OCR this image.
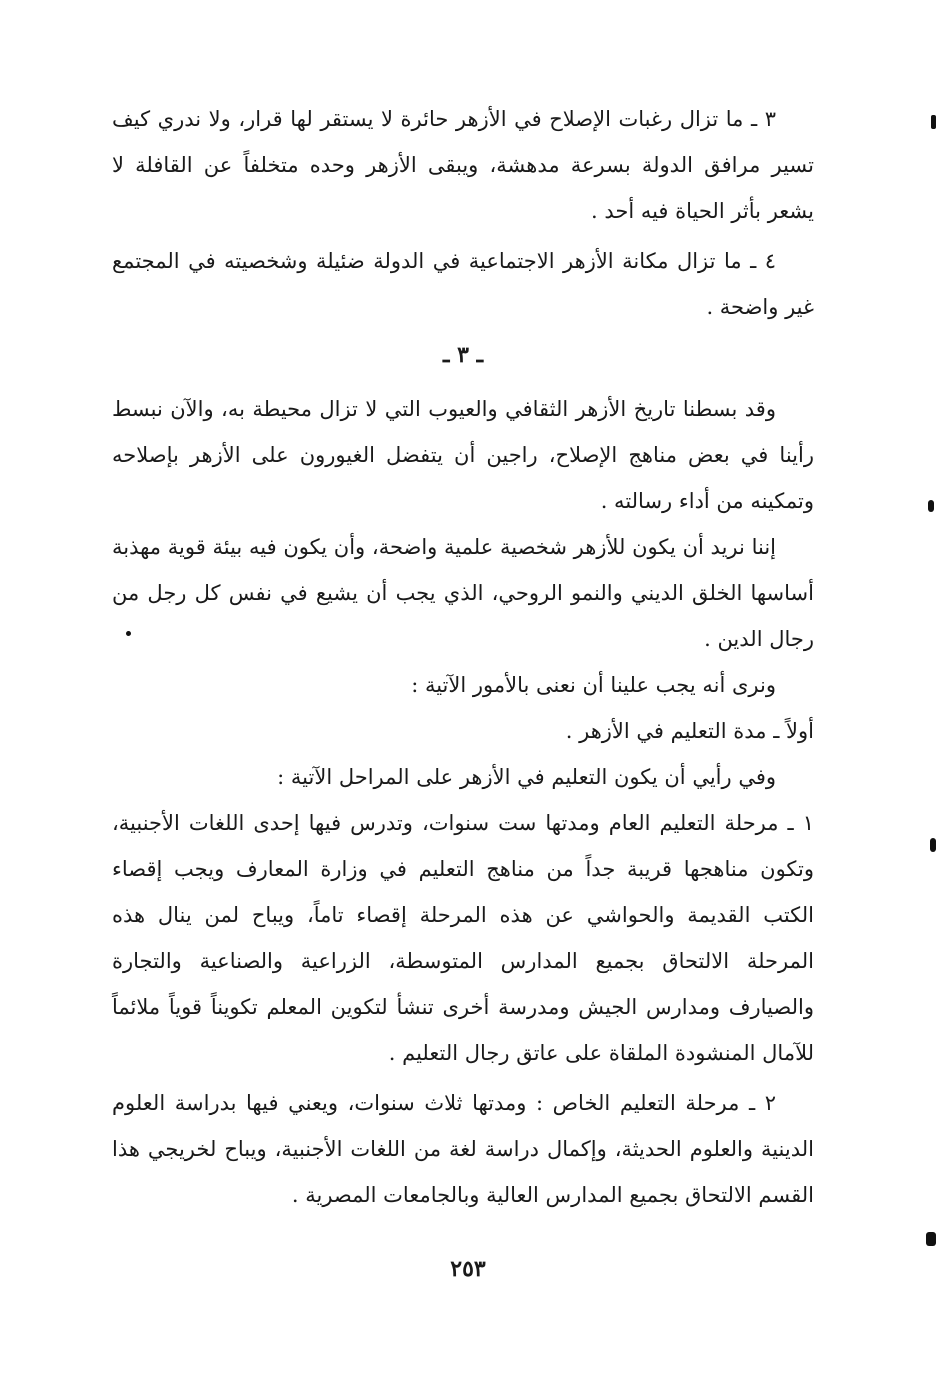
٣ ـ ما تزال رغبات الإصلاح في الأزهر حائرة لا يستقر لها قرار، ولا ندري كيف تسير مرافق الدولة بسرعة مدهشة، ويبقى الأزهر وحده متخلفاً عن القافلة لا يشعر بأثر الحياة فيه أحد .

٤ ـ ما تزال مكانة الأزهر الاجتماعية في الدولة ضئيلة وشخصيته في المجتمع غير واضحة .

ـ ٣ ـ

وقد بسطنا تاريخ الأزهر الثقافي والعيوب التي لا تزال محيطة به، والآن نبسط رأينا في بعض مناهج الإصلاح، راجين أن يتفضل الغيورون على الأزهر بإصلاحه وتمكينه من أداء رسالته .

إننا نريد أن يكون للأزهر شخصية علمية واضحة، وأن يكون فيه بيئة قوية مهذبة أساسها الخلق الديني والنمو الروحي، الذي يجب أن يشيع في نفس كل رجل من رجال الدين .

ونرى أنه يجب علينا أن نعنى بالأمور الآتية :

أولاً ـ مدة التعليم في الأزهر .

وفي رأيي أن يكون التعليم في الأزهر على المراحل الآتية :

١ ـ مرحلة التعليم العام ومدتها ست سنوات، وتدرس فيها إحدى اللغات الأجنبية، وتكون مناهجها قريبة جداً من مناهج التعليم في وزارة المعارف ويجب إقصاء الكتب القديمة والحواشي عن هذه المرحلة إقصاء تاماً، ويباح لمن ينال هذه المرحلة الالتحاق بجميع المدارس المتوسطة، الزراعية والصناعية والتجارة والصيارف ومدارس الجيش ومدرسة أخرى تنشأ لتكوين المعلم تكويناً قوياً ملائماً للآمال المنشودة الملقاة على عاتق رجال التعليم .

٢ ـ مرحلة التعليم الخاص : ومدتها ثلاث سنوات، ويعني فيها بدراسة العلوم الدينية والعلوم الحديثة، وإكمال دراسة لغة من اللغات الأجنبية، ويباح لخريجي هذا القسم الالتحاق بجميع المدارس العالية وبالجامعات المصرية .

٢٥٣
